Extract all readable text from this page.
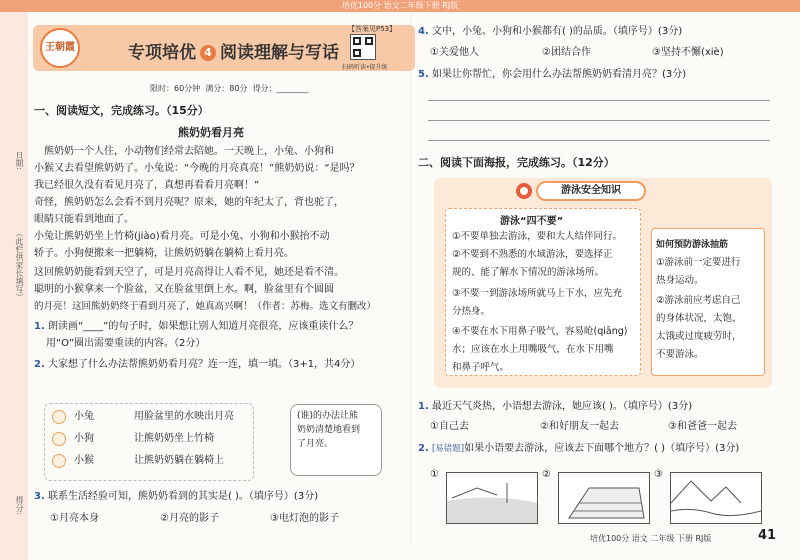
培优100分 语文二年级下册 RJ版
日期:
（此栏供家长填写）
得分:
王朝霞	专项培优 4 阅读理解与写话
【答案见P53】
扫码听读•提升练
限时：60分钟 满分：80分 得分：________
一、阅读短文，完成练习。（15分）
熊奶奶看月亮
熊奶奶一个人住，小动物们经常去陪她。一天晚上，小兔、小狗和
小猴又去看望熊奶奶了。小兔说：“今晚的月亮真亮！”熊奶奶说：“是吗？
我已经很久没有看见月亮了，真想再看看月亮啊！”
奇怪，熊奶奶怎么会看不到月亮呢？原来，她的年纪太了，背也驼了，
眼睛只能看到地面了。
小兔让熊奶奶坐上竹椅(jiào)看月亮。可是小兔、小狗和小猴抬不动
轿子。小狗便搬来一把躺椅，让熊奶奶躺在躺椅上看月亮。
这回熊奶奶能看到天空了，可是月亮高得让人看不见，她还是看不清。
聪明的小猴拿来一个脸盆，又在脸盆里倒上水。啊，脸盆里有个圆圆
的月亮！这回熊奶奶终于看到月亮了，她真高兴啊！（作者：苏梅。选文有删改）
1. 朗读画“____”的句子时，如果想让别人知道月亮很亮，应该重读什么？
用“O”圈出需要重读的内容。（2分）
2. 大家想了什么办法帮熊奶奶看月亮？连一连，填一填。（3+1，共4分）
小兔
小狗
小猴
用脸盆里的水映出月亮
让熊奶奶坐上竹椅
让熊奶奶躺在躺椅上
(谁)的办法让熊
奶奶清楚地看到
了月亮。
3. 联系生活经验可知，熊奶奶看到的其实是( )。（填序号）(3分)
①月亮本身	②月亮的影子	③电灯泡的影子
4. 文中，小兔、小狗和小猴都有( )的品质。（填序号）(3分)
①关爱他人	②团结合作	③坚持不懈(xiè)
5. 如果让你帮忙，你会用什么办法帮熊奶奶看清月亮？(3分)
二、阅读下面海报，完成练习。（12分）
游泳安全知识
游泳“四不要”
①不要单独去游泳，要和大人结伴同行。
②不要到不熟悉的水域游泳，要选择正
规的、能了解水下情况的游泳场所。
③不要一到游泳场所就马上下水，应先充
分热身。
④不要在水下用鼻子吸气，容易呛(qiāng)
水；应该在水上用嘴吸气，在水下用嘴
和鼻子呼气。
如何预防游泳抽筋
①游泳前一定要进行
热身运动。
②游泳前应考虑自己
的身体状况，太饱、
太饿或过度疲劳时，
不要游泳。
1. 最近天气炎热，小语想去游泳，她应该( )。（填序号）(3分)
①自己去	②和好朋友一起去	③和爸爸一起去
2. [易错题]如果小语要去游泳，应该去下面哪个地方？( )（填序号）(3分)
①	②	③
培优100分 语文 二年级 下册 RJ版	41
